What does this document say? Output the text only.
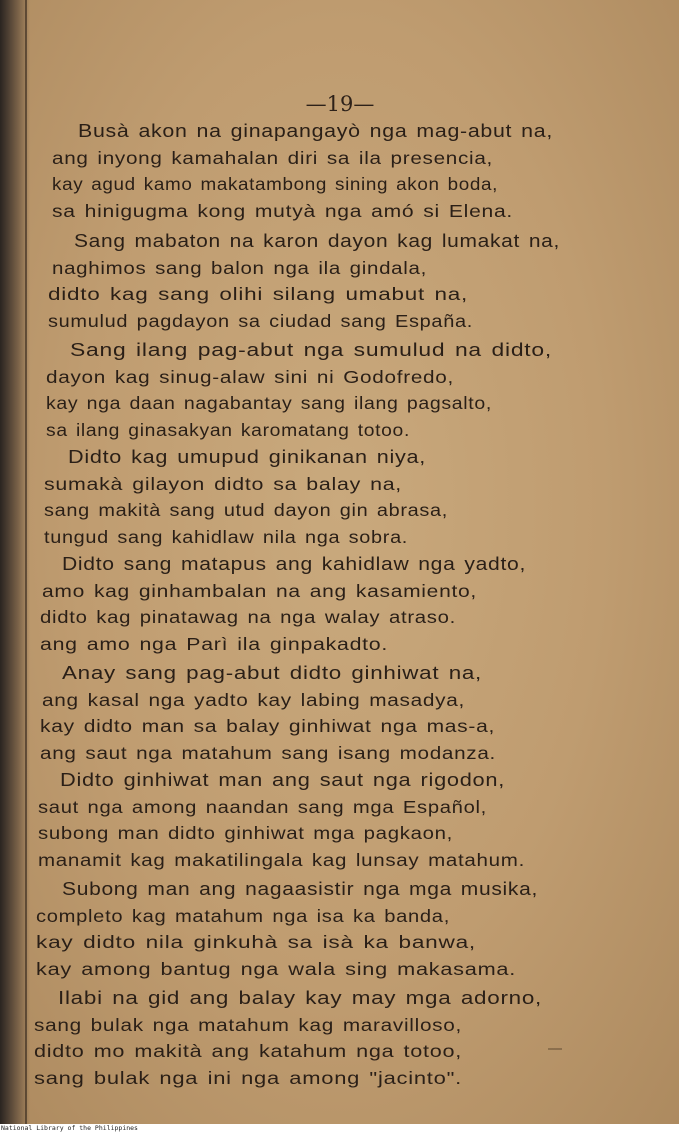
—19—
Busà akon na ginapangayò nga mag-abut na,
ang inyong kamahalan diri sa ila presencia,
kay agud kamo makatambong sining akon boda,
sa hinigugma kong mutyà nga amó si Elena.
Sang mabaton na karon dayon kag lumakat na,
naghimos sang balon nga ila gindala,
didto kag sang olihi silang umabut na,
sumulud pagdayon sa ciudad sang España.
Sang ilang pag-abut nga sumulud na didto,
dayon kag sinug-alaw sini ni Godofredo,
kay nga daan nagabantay sang ilang pagsalto,
sa ilang ginasakyan karomatang totoo.
Didto kag umupud ginikanan niya,
sumakà gilayon didto sa balay na,
sang makità sang utud dayon gin abrasa,
tungud sang kahidlaw nila nga sobra.
Didto sang matapus ang kahidlaw nga yadto,
amo kag ginhambalan na ang kasamiento,
didto kag pinatawag na nga walay atraso.
ang amo nga Parì ila ginpakadto.
Anay sang pag-abut didto ginhiwat na,
ang kasal nga yadto kay labing masadya,
kay didto man sa balay ginhiwat nga mas-a,
ang saut nga matahum sang isang modanza.
Didto ginhiwat man ang saut nga rigodon,
saut nga among naandan sang mga Español,
subong man didto ginhiwat mga pagkaon,
manamit kag makatilingala kag lunsay matahum.
Subong man ang nagaasistir nga mga musika,
completo kag matahum nga isa ka banda,
kay didto nila ginkuhà sa isà ka banwa,
kay among bantug nga wala sing makasama.
Ilabi na gid ang balay kay may mga adorno,
sang bulak nga matahum kag maravilloso,
didto mo makità ang katahum nga totoo,
sang bulak nga ini nga among "jacinto".
National Library of the Philippines
